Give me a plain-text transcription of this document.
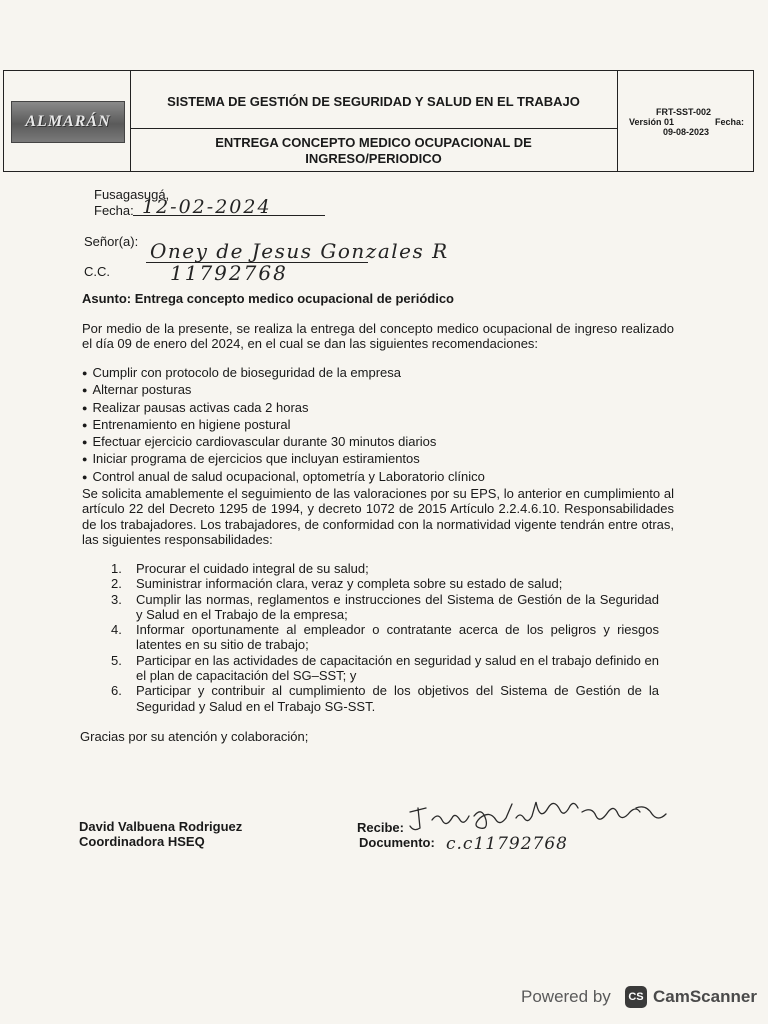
ALMARÁN
SISTEMA DE GESTIÓN DE SEGURIDAD Y SALUD EN EL TRABAJO
ENTREGA CONCEPTO MEDICO OCUPACIONAL DE
INGRESO/PERIODICO
FRT-SST-002
Versión 01	Fecha:
09-08-2023
Fusagasugá,
Fecha: 12-02-2024
Señor(a): Oney de Jesus Gonzales R
C.C.	11792768
Asunto: Entrega concepto medico ocupacional de periódico
Por medio de la presente, se realiza la entrega del concepto medico ocupacional de ingreso realizado el día 09 de enero del 2024, en el cual se dan las siguientes recomendaciones:
● Cumplir con protocolo de bioseguridad de la empresa
● Alternar posturas
● Realizar pausas activas cada 2 horas
● Entrenamiento en higiene postural
● Efectuar ejercicio cardiovascular durante 30 minutos diarios
● Iniciar programa de ejercicios que incluyan estiramientos
● Control anual de salud ocupacional, optometría y Laboratorio clínico
Se solicita amablemente el seguimiento de las valoraciones por su EPS, lo anterior en cumplimiento al artículo 22 del Decreto 1295 de 1994, y decreto 1072 de 2015 Artículo 2.2.4.6.10. Responsabilidades de los trabajadores. Los trabajadores, de conformidad con la normatividad vigente tendrán entre otras, las siguientes responsabilidades:
1. Procurar el cuidado integral de su salud;
2. Suministrar información clara, veraz y completa sobre su estado de salud;
3. Cumplir las normas, reglamentos e instrucciones del Sistema de Gestión de la Seguridad y Salud en el Trabajo de la empresa;
4. Informar oportunamente al empleador o contratante acerca de los peligros y riesgos latentes en su sitio de trabajo;
5. Participar en las actividades de capacitación en seguridad y salud en el trabajo definido en el plan de capacitación del SG–SST; y
6. Participar y contribuir al cumplimiento de los objetivos del Sistema de Gestión de la Seguridad y Salud en el Trabajo SG-SST.
Gracias por su atención y colaboración;
David Valbuena Rodriguez
Coordinadora HSEQ
Recibe:
Documento: c.c11792768
Powered by CS CamScanner
